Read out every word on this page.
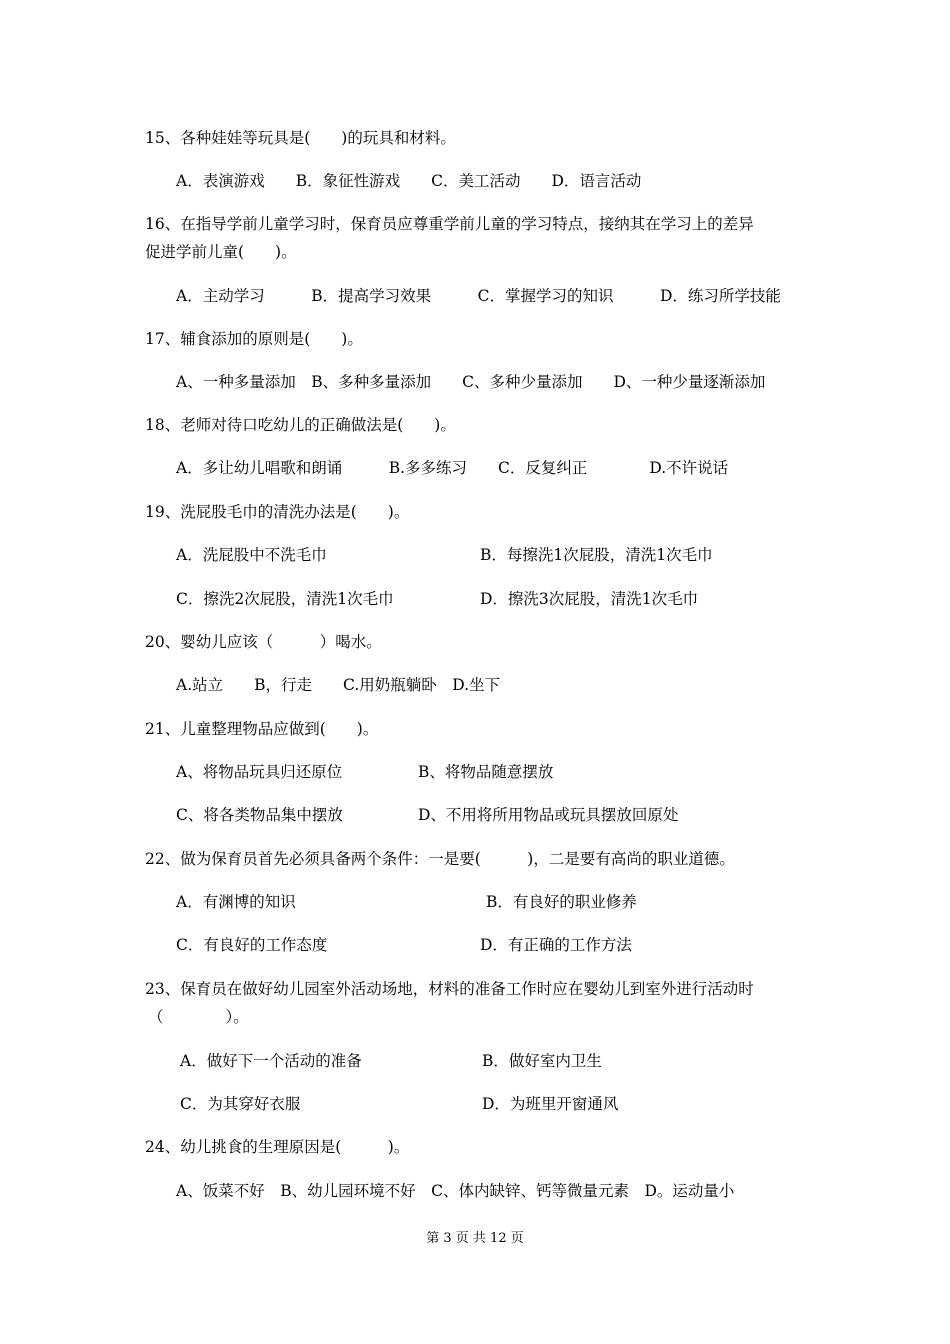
15、各种娃娃等玩具是(　　)的玩具和材料。
A．表演游戏　　B．象征性游戏　　C．美工活动　　D．语言活动
16、在指导学前儿童学习时，保育员应尊重学前儿童的学习特点，接纳其在学习上的差异
促进学前儿童(　　)。
A．主动学习　　　B．提高学习效果　　　C．掌握学习的知识　　　D．练习所学技能
17、辅食添加的原则是(　　)。
A、一种多量添加　B、多种多量添加　　C、多种少量添加　　D、一种少量逐渐添加
18、老师对待口吃幼儿的正确做法是(　　)。
A．多让幼儿唱歌和朗诵　　　B.多多练习　　C．反复纠正　　　　D.不许说话
19、洗屁股毛巾的清洗办法是(　　)。
A．洗屁股中不洗毛巾	B．每擦洗1次屁股，清洗1次毛巾
C．擦洗2次屁股，清洗1次毛巾	D．擦洗3次屁股，清洗1次毛巾
20、婴幼儿应该（　　　）喝水。
A.站立　　B，行走　　C.用奶瓶躺卧　D.坐下
21、儿童整理物品应做到(　　)。
A、将物品玩具归还原位	B、将物品随意摆放
C、将各类物品集中摆放	D、不用将所用物品或玩具摆放回原处
22、做为保育员首先必须具备两个条件：一是要(　　　)，二是要有高尚的职业道德。
A．有渊博的知识	B．有良好的职业修养
C．有良好的工作态度	D．有正确的工作方法
23、保育员在做好幼儿园室外活动场地，材料的准备工作时应在婴幼儿到室外进行活动时
（　　　　）。
A．做好下一个活动的准备	B．做好室内卫生
C．为其穿好衣服	D．为班里开窗通风
24、幼儿挑食的生理原因是(　　　)。
A、饭菜不好　B、幼儿园环境不好　C、体内缺锌、钙等微量元素　D。运动量小
第 3 页 共 12 页
